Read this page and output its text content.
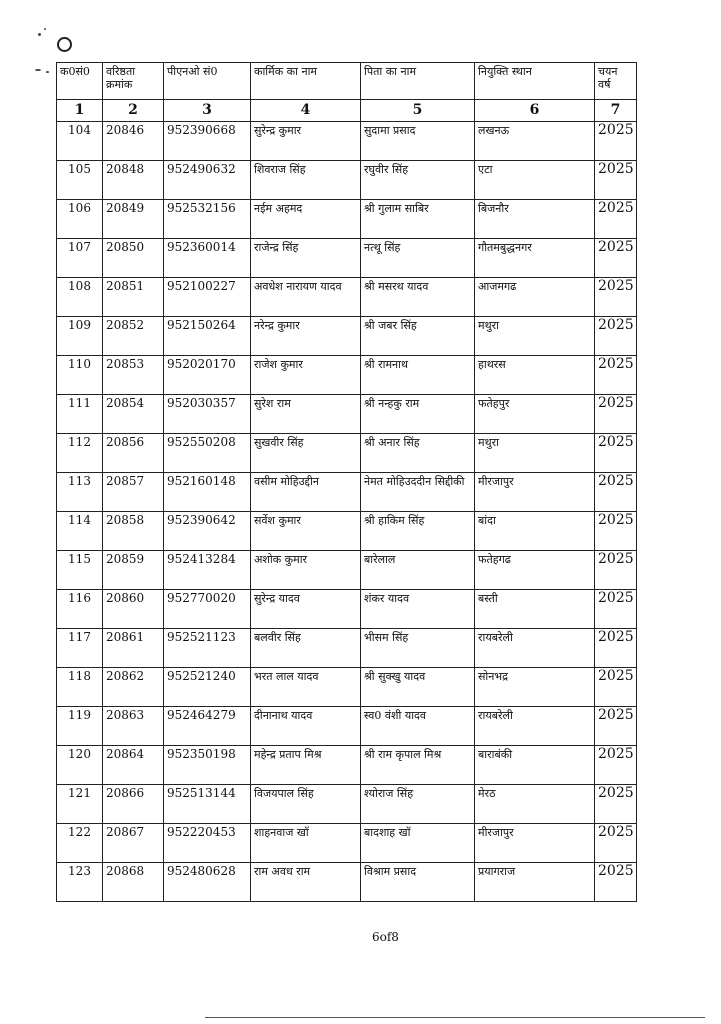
क0सं0	वरिष्ठता क्रमांक	पीएनओ सं0	कार्मिक का नाम	पिता का नाम	नियुक्ति स्थान	चयन वर्ष
1	2	3	4	5	6	7
104	20846	952390668	सुरेन्द्र कुमार	सुदामा प्रसाद	लखनऊ	2025
105	20848	952490632	शिवराज सिंह	रघुवीर सिंह	एटा	2025
106	20849	952532156	नईम अहमद	श्री गुलाम साबिर	बिजनौर	2025
107	20850	952360014	राजेन्द्र सिंह	नत्थू सिंह	गौतमबुद्धनगर	2025
108	20851	952100227	अवधेश नारायण यादव	श्री मसरथ यादव	आजमगढ	2025
109	20852	952150264	नरेन्द्र कुमार	श्री जबर सिंह	मथुरा	2025
110	20853	952020170	राजेश कुमार	श्री रामनाथ	हाथरस	2025
111	20854	952030357	सुरेश राम	श्री नन्हकु राम	फतेहपुर	2025
112	20856	952550208	सुखवीर सिंह	श्री अनार सिंह	मथुरा	2025
113	20857	952160148	वसीम मोहिउद्दीन	नेमत मोहिउददीन सिद्दीकी	मीरजापुर	2025
114	20858	952390642	सर्वेश कुमार	श्री हाकिम सिंह	बांदा	2025
115	20859	952413284	अशोक कुमार	बारेलाल	फतेहगढ	2025
116	20860	952770020	सुरेन्द्र यादव	शंकर यादव	बस्ती	2025
117	20861	952521123	बलवीर सिंह	भीसम सिंह	रायबरेली	2025
118	20862	952521240	भरत लाल यादव	श्री सुक्खु यादव	सोनभद्र	2025
119	20863	952464279	दीनानाथ यादव	स्व0 वंशी यादव	रायबरेली	2025
120	20864	952350198	महेन्द्र प्रताप मिश्र	श्री राम कृपाल मिश्र	बाराबंकी	2025
121	20866	952513144	विजयपाल सिंह	श्योराज सिंह	मेरठ	2025
122	20867	952220453	शाहनवाज खॉ	बादशाह खॉ	मीरजापुर	2025
123	20868	952480628	राम अवध राम	विश्राम प्रसाद	प्रयागराज	2025
6of8
